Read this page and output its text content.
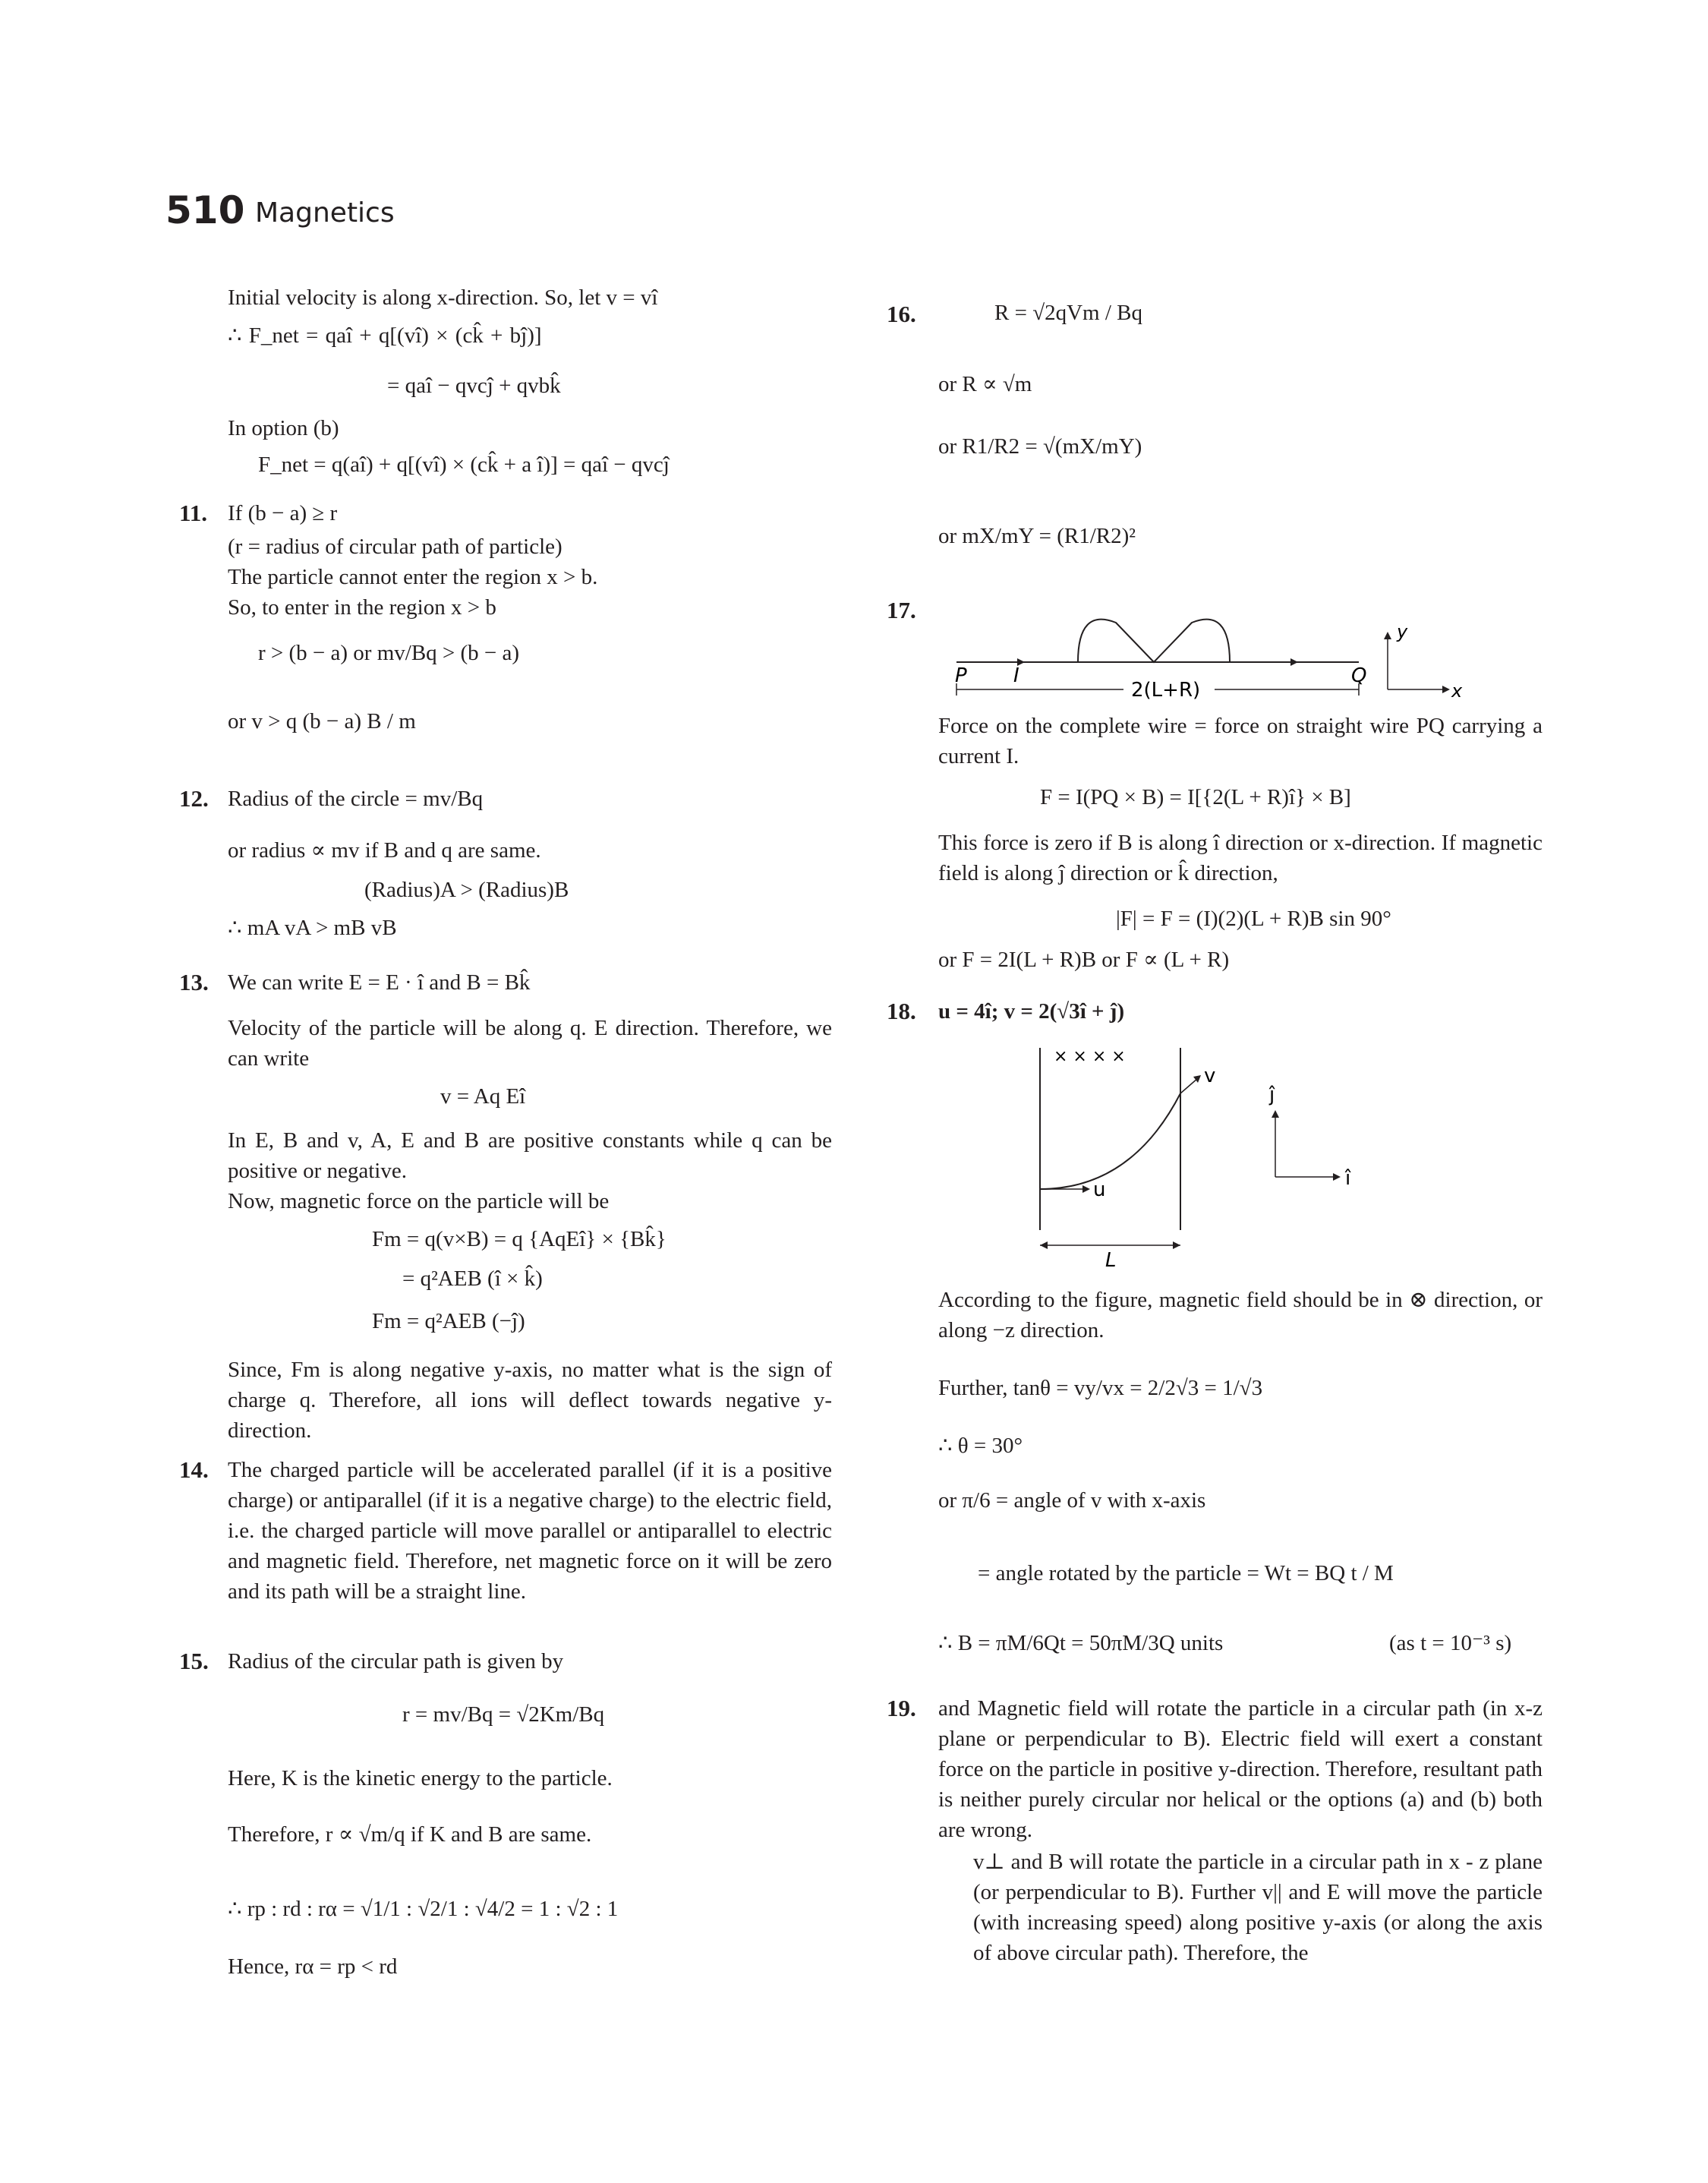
510 Magnetics
Initial velocity is along x-direction. So, let v = vî
∴ F_net = qaî + q[(vî) × (ck̂ + bĵ)]
= qaî − qvcĵ + qvbk̂
In option (b)
F_net = q(aî) + q[(vî) × (ck̂ + a î)] = qaî − qvcĵ
11. If (b − a) ≥ r
(r = radius of circular path of particle)
The particle cannot enter the region x > b.
So, to enter in the region x > b
r > (b − a) or mv/Bq > (b − a)
or v > q (b − a) B / m
12. Radius of the circle = mv/Bq
or radius ∝ mv if B and q are same.
(Radius)A > (Radius)B
∴ mA vA > mB vB
13. We can write E = E · î and B = Bk̂
Velocity of the particle will be along q. E direction. Therefore, we can write
v = Aq Eî
In E, B and v, A, E and B are positive constants while q can be positive or negative.
Now, magnetic force on the particle will be
Fm = q(v×B) = q {AqEî} × {Bk̂}
= q²AEB (î × k̂)
Fm = q²AEB (−ĵ)
Since, Fm is along negative y-axis, no matter what is the sign of charge q. Therefore, all ions will deflect towards negative y-direction.
14. The charged particle will be accelerated parallel (if it is a positive charge) or antiparallel (if it is a negative charge) to the electric field, i.e. the charged particle will move parallel or antiparallel to electric and magnetic field. Therefore, net magnetic force on it will be zero and its path will be a straight line.
15. Radius of the circular path is given by
r = mv/Bq = √2Km/Bq
Here, K is the kinetic energy to the particle.
Therefore, r ∝ √m/q if K and B are same.
∴ rp : rd : rα = √1/1 : √2/1 : √4/2 = 1 : √2 : 1
Hence, rα = rp < rd
16.	R = √2qVm / Bq
or R ∝ √m
or R1/R2 = √(mX/mY)
or mX/mY = (R1/R2)²
17.
P I	Q
2(L+R)	x
y
Force on the complete wire = force on straight wire PQ carrying a current I.
F = I(PQ × B) = I[{2(L + R)î} × B]
This force is zero if B is along î direction or x-direction. If magnetic field is along ĵ direction or k̂ direction,
|F| = F = (I)(2)(L + R)B sin 90°
or F = 2I(L + R)B or F ∝ (L + R)
18. u = 4î; v = 2(√3î + ĵ)
× × × ×
v
u
L
ĵ
î
According to the figure, magnetic field should be in ⊗ direction, or along −z direction.
Further, tanθ = vy/vx = 2/2√3 = 1/√3
∴ θ = 30°
or π/6 = angle of v with x-axis
= angle rotated by the particle = Wt = BQ t / M
∴ B = πM/6Qt = 50πM/3Q units	(as t = 10⁻³ s)
19. and Magnetic field will rotate the particle in a circular path (in x-z plane or perpendicular to B). Electric field will exert a constant force on the particle in positive y-direction. Therefore, resultant path is neither purely circular nor helical or the options (a) and (b) both are wrong.
v⊥ and B will rotate the particle in a circular path in x - z plane (or perpendicular to B). Further v|| and E will move the particle (with increasing speed) along positive y-axis (or along the axis of above circular path). Therefore, the
